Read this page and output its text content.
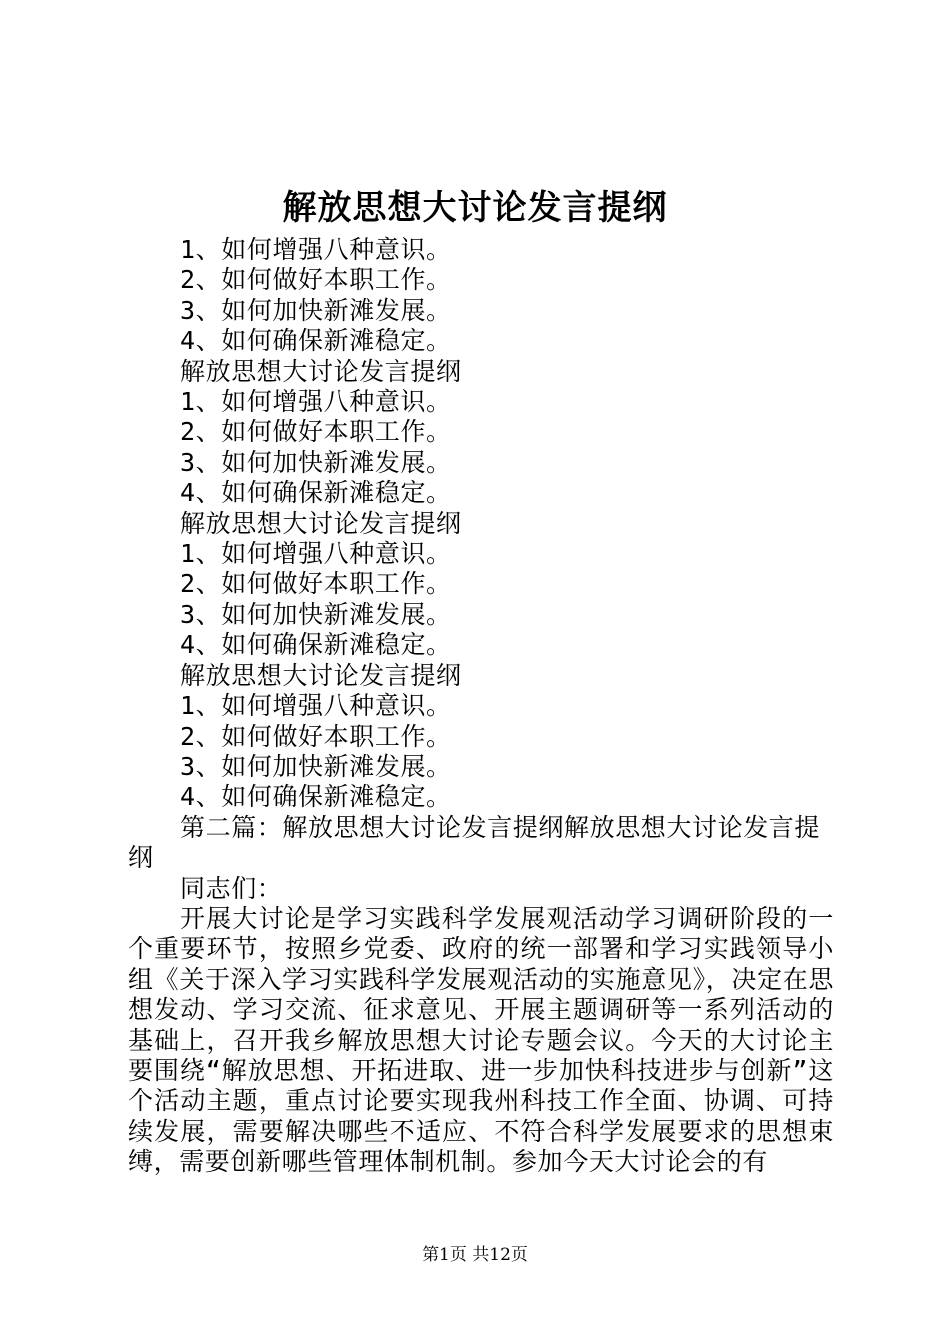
解放思想大讨论发言提纲
1、如何增强八种意识。
2、如何做好本职工作。
3、如何加快新滩发展。
4、如何确保新滩稳定。
解放思想大讨论发言提纲
1、如何增强八种意识。
2、如何做好本职工作。
3、如何加快新滩发展。
4、如何确保新滩稳定。
解放思想大讨论发言提纲
1、如何增强八种意识。
2、如何做好本职工作。
3、如何加快新滩发展。
4、如何确保新滩稳定。
解放思想大讨论发言提纲
1、如何增强八种意识。
2、如何做好本职工作。
3、如何加快新滩发展。
4、如何确保新滩稳定。
第二篇：解放思想大讨论发言提纲解放思想大讨论发言提纲
同志们：
开展大讨论是学习实践科学发展观活动学习调研阶段的一个重要环节，按照乡党委、政府的统一部署和学习实践领导小组《关于深入学习实践科学发展观活动的实施意见》，决定在思想发动、学习交流、征求意见、开展主题调研等一系列活动的基础上，召开我乡解放思想大讨论专题会议。今天的大讨论主要围绕“解放思想、开拓进取、进一步加快科技进步与创新”这个活动主题，重点讨论要实现我州科技工作全面、协调、可持续发展，需要解决哪些不适应、不符合科学发展要求的思想束缚，需要创新哪些管理体制机制。参加今天大讨论会的有
第1页 共12页
